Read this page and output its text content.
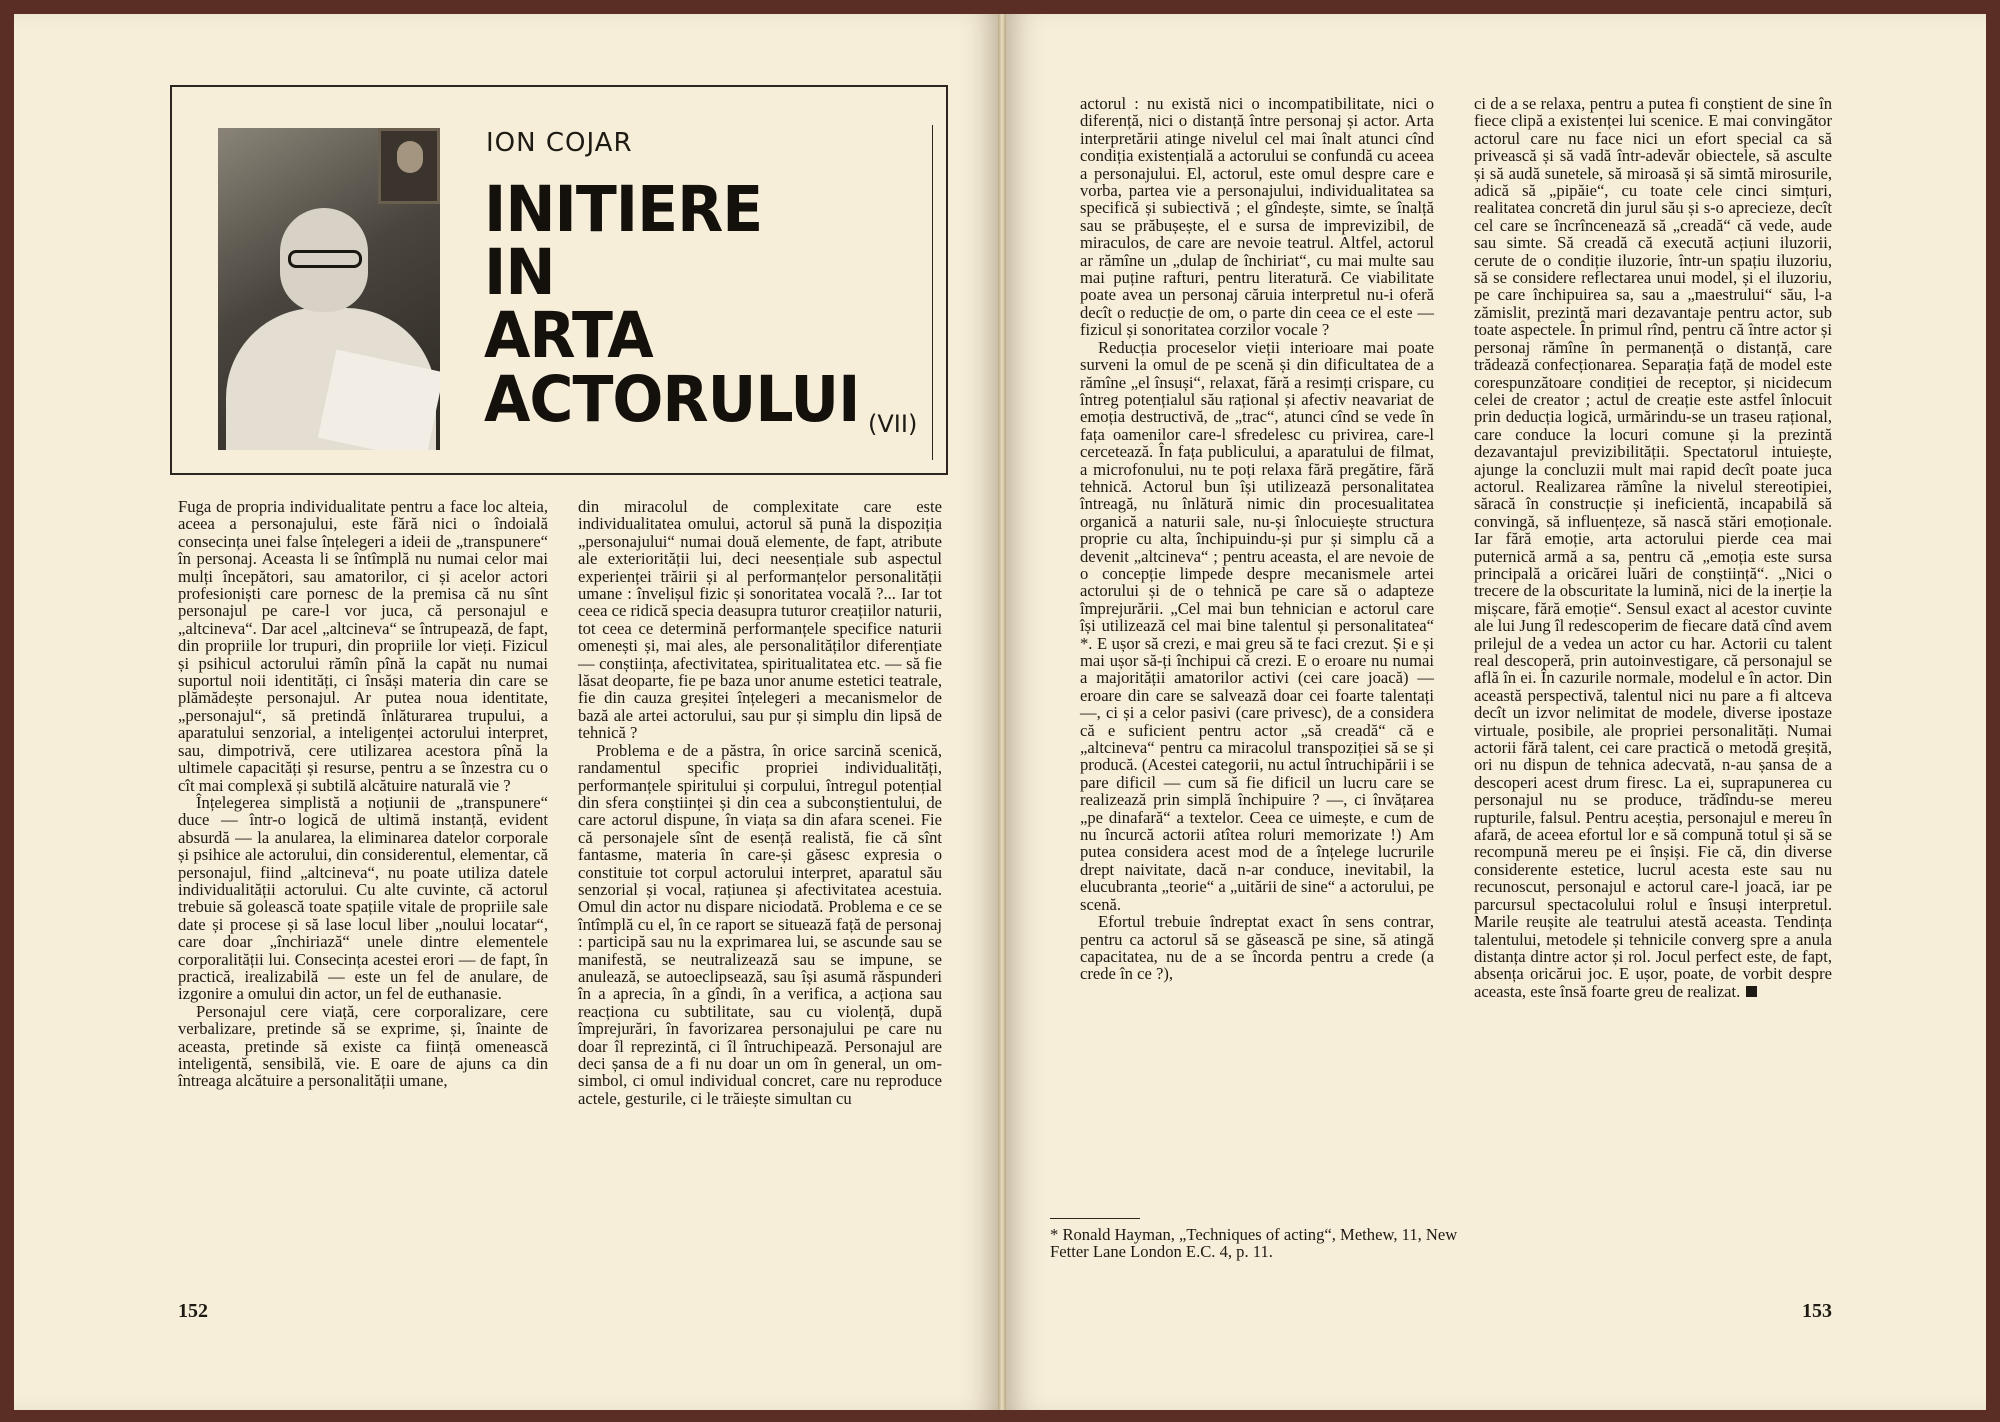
ION COJAR
INITIERE
IN
ARTA
ACTORULUI (VII)

Fuga de propria individualitate pentru a face loc alteia, aceea a personajului, este fără nici o îndoială consecința unei false înțelegeri a ideii de „transpunere“ în personaj. Aceasta li se întîmplă nu numai celor mai mulți începători, sau amatorilor, ci și acelor actori profesioniști care pornesc de la premisa că nu sînt personajul pe care-l vor juca, că personajul e „altcineva“. Dar acel „altcineva“ se întrupează, de fapt, din propriile lor trupuri, din propriile lor vieți. Fizicul și psihicul actorului rămîn pînă la capăt nu numai suportul noii identități, ci însăși materia din care se plămădește personajul. Ar putea noua identitate, „personajul“, să pretindă înlăturarea trupului, a aparatului senzorial, a inteligenței actorului interpret, sau, dimpotrivă, cere utilizarea acestora pînă la ultimele capacități și resurse, pentru a se înzestra cu o cît mai complexă și subtilă alcătuire naturală vie ?

Înțelegerea simplistă a noțiunii de „transpunere“ duce — într-o logică de ultimă instanță, evident absurdă — la anularea, la eliminarea datelor corporale și psihice ale actorului, din considerentul, elementar, că personajul, fiind „altcineva“, nu poate utiliza datele individualității actorului. Cu alte cuvinte, că actorul trebuie să golească toate spațiile vitale de propriile sale date și procese și să lase locul liber „noului locatar“, care doar „închiriază“ unele dintre elementele corporalității lui. Consecința acestei erori — de fapt, în practică, irealizabilă — este un fel de anulare, de izgonire a omului din actor, un fel de euthanasie.

Personajul cere viață, cere corporalizare, cere verbalizare, pretinde să se exprime, și, înainte de aceasta, pretinde să existe ca ființă omenească inteligentă, sensibilă, vie. E oare de ajuns ca din întreaga alcătuire a personalității umane,

din miracolul de complexitate care este individualitatea omului, actorul să pună la dispoziția „personajului“ numai două elemente, de fapt, atribute ale exteriorității lui, deci neesențiale sub aspectul experienței trăirii și al performanțelor personalității umane : învelișul fizic și sonoritatea vocală ?... Iar tot ceea ce ridică specia deasupra tuturor creațiilor naturii, tot ceea ce determină performanțele specifice naturii omenești și, mai ales, ale personalităților diferențiate — conștiința, afectivitatea, spiritualitatea etc. — să fie lăsat deoparte, fie pe baza unor anume estetici teatrale, fie din cauza greșitei înțelegeri a mecanismelor de bază ale artei actorului, sau pur și simplu din lipsă de tehnică ?

Problema e de a păstra, în orice sarcină scenică, randamentul specific propriei individualități, performanțele spiritului și corpului, întregul potențial din sfera conștiinței și din cea a subconștientului, de care actorul dispune, în viața sa din afara scenei. Fie că personajele sînt de esență realistă, fie că sînt fantasme, materia în care-și găsesc expresia o constituie tot corpul actorului interpret, aparatul său senzorial și vocal, rațiunea și afectivitatea acestuia. Omul din actor nu dispare niciodată. Problema e ce se întîmplă cu el, în ce raport se situează față de personaj : participă sau nu la exprimarea lui, se ascunde sau se manifestă, se neutralizează sau se impune, se anulează, se autoeclipsează, sau își asumă răspunderi în a aprecia, în a gîndi, în a verifica, a acționa sau reacționa cu subtilitate, sau cu violență, după împrejurări, în favorizarea personajului pe care nu doar îl reprezintă, ci îl întruchipează. Personajul are deci șansa de a fi nu doar un om în general, un om-simbol, ci omul individual concret, care nu reproduce actele, gesturile, ci le trăiește simultan cu

152

actorul : nu există nici o incompatibilitate, nici o diferență, nici o distanță între personaj și actor. Arta interpretării atinge nivelul cel mai înalt atunci cînd condiția existențială a actorului se confundă cu aceea a personajului. El, actorul, este omul despre care e vorba, partea vie a personajului, individualitatea sa specifică și subiectivă ; el gîndește, simte, se înalță sau se prăbușește, el e sursa de imprevizibil, de miraculos, de care are nevoie teatrul. Altfel, actorul ar rămîne un „dulap de închiriat“, cu mai multe sau mai puține rafturi, pentru literatură. Ce viabilitate poate avea un personaj căruia interpretul nu-i oferă decît o reducție de om, o parte din ceea ce el este — fizicul și sonoritatea corzilor vocale ?

Reducția proceselor vieții interioare mai poate surveni la omul de pe scenă și din dificultatea de a rămîne „el însuși“, relaxat, fără a resimți crispare, cu întreg potențialul său rațional și afectiv neavariat de emoția destructivă, de „trac“, atunci cînd se vede în fața oamenilor care-l sfredelesc cu privirea, care-l cercetează. În fața publicului, a aparatului de filmat, a microfonului, nu te poți relaxa fără pregătire, fără tehnică. Actorul bun își utilizează personalitatea întreagă, nu înlătură nimic din procesualitatea organică a naturii sale, nu-și înlocuiește structura proprie cu alta, închipuindu-și pur și simplu că a devenit „altcineva“ ; pentru aceasta, el are nevoie de o concepție limpede despre mecanismele artei actorului și de o tehnică pe care să o adapteze împrejurării. „Cel mai bun tehnician e actorul care își utilizează cel mai bine talentul și personalitatea“ *. E ușor să crezi, e mai greu să te faci crezut. Și e și mai ușor să-ți închipui că crezi. E o eroare nu numai a majorității amatorilor activi (cei care joacă) — eroare din care se salvează doar cei foarte talentați —, ci și a celor pasivi (care privesc), de a considera că e suficient pentru actor „să creadă“ că e „altcineva“ pentru ca miracolul transpoziției să se și producă. (Acestei categorii, nu actul întruchipării i se pare dificil — cum să fie dificil un lucru care se realizează prin simplă închipuire ? —, ci învățarea „pe dinafară“ a textelor. Ceea ce uimește, e cum de nu încurcă actorii atîtea roluri memorizate !) Am putea considera acest mod de a înțelege lucrurile drept naivitate, dacă n-ar conduce, inevitabil, la elucubranta „teorie“ a „uitării de sine“ a actorului, pe scenă.

Efortul trebuie îndreptat exact în sens contrar, pentru ca actorul să se găsească pe sine, să atingă capacitatea, nu de a se încorda pentru a crede (a crede în ce ?),

ci de a se relaxa, pentru a putea fi conștient de sine în fiece clipă a existenței lui scenice. E mai convingător actorul care nu face nici un efort special ca să privească și să vadă într-adevăr obiectele, să asculte și să audă sunetele, să miroasă și să simtă mirosurile, adică să „pipăie“, cu toate cele cinci simțuri, realitatea concretă din jurul său și s-o aprecieze, decît cel care se încrîncenează să „creadă“ că vede, aude sau simte. Să creadă că execută acțiuni iluzorii, cerute de o condiție iluzorie, într-un spațiu iluzoriu, să se considere reflectarea unui model, și el iluzoriu, pe care închipuirea sa, sau a „maestrului“ său, l-a zămislit, prezintă mari dezavantaje pentru actor, sub toate aspectele. În primul rînd, pentru că între actor și personaj rămîne în permanență o distanță, care trădează confecționarea. Separația față de model este corespunzătoare condiției de receptor, și nicidecum celei de creator ; actul de creație este astfel înlocuit prin deducția logică, urmărindu-se un traseu rațional, care conduce la locuri comune și la prezintă dezavantajul previzibilității. Spectatorul intuiește, ajunge la concluzii mult mai rapid decît poate juca actorul. Realizarea rămîne la nivelul stereotipiei, săracă în construcție și ineficientă, incapabilă să convingă, să influențeze, să nască stări emoționale. Iar fără emoție, arta actorului pierde cea mai puternică armă a sa, pentru că „emoția este sursa principală a oricărei luări de conștiință“. „Nici o trecere de la obscuritate la lumină, nici de la inerție la mișcare, fără emoție“. Sensul exact al acestor cuvinte ale lui Jung îl redescoperim de fiecare dată cînd avem prilejul de a vedea un actor cu har. Actorii cu talent real descoperă, prin autoinvestigare, că personajul se află în ei. În cazurile normale, modelul e în actor. Din această perspectivă, talentul nici nu pare a fi altceva decît un izvor nelimitat de modele, diverse ipostaze virtuale, posibile, ale propriei personalități. Numai actorii fără talent, cei care practică o metodă greșită, ori nu dispun de tehnica adecvată, n-au șansa de a descoperi acest drum firesc. La ei, suprapunerea cu personajul nu se produce, trădîndu-se mereu rupturile, falsul. Pentru aceștia, personajul e mereu în afară, de aceea efortul lor e să compună totul și să se recompună mereu pe ei înșiși. Fie că, din diverse considerente estetice, lucrul acesta este sau nu recunoscut, personajul e actorul care-l joacă, iar pe parcursul spectacolului rolul e însuși interpretul. Marile reușite ale teatrului atestă aceasta. Tendința talentului, metodele și tehnicile converg spre a anula distanța dintre actor și rol. Jocul perfect este, de fapt, absența oricărui joc. E ușor, poate, de vorbit despre aceasta, este însă foarte greu de realizat.

* Ronald Hayman, „Techniques of acting“, Methew, 11, New Fetter Lane London E.C. 4, p. 11.
153
